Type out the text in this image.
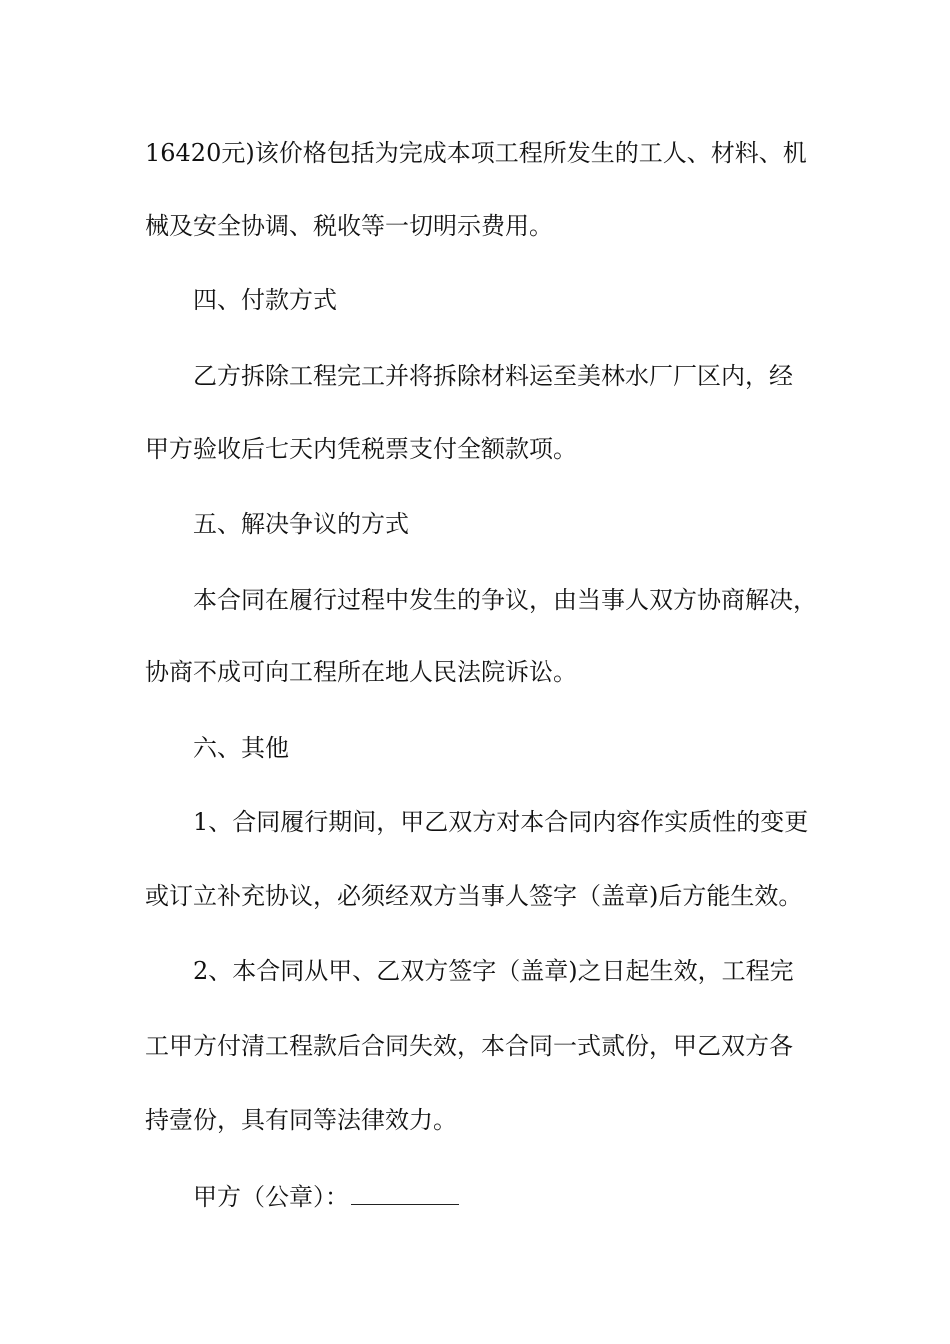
16420元)该价格包括为完成本项工程所发生的工人、材料、机
械及安全协调、税收等一切明示费用。
四、付款方式
乙方拆除工程完工并将拆除材料运至美林水厂厂区内，经
甲方验收后七天内凭税票支付全额款项。
五、解决争议的方式
本合同在履行过程中发生的争议，由当事人双方协商解决，
协商不成可向工程所在地人民法院诉讼。
六、其他
1、合同履行期间，甲乙双方对本合同内容作实质性的变更
或订立补充协议，必须经双方当事人签字（盖章)后方能生效。
2、本合同从甲、乙双方签字（盖章)之日起生效，工程完
工甲方付清工程款后合同失效，本合同一式贰份，甲乙双方各
持壹份，具有同等法律效力。
甲方（公章）：
